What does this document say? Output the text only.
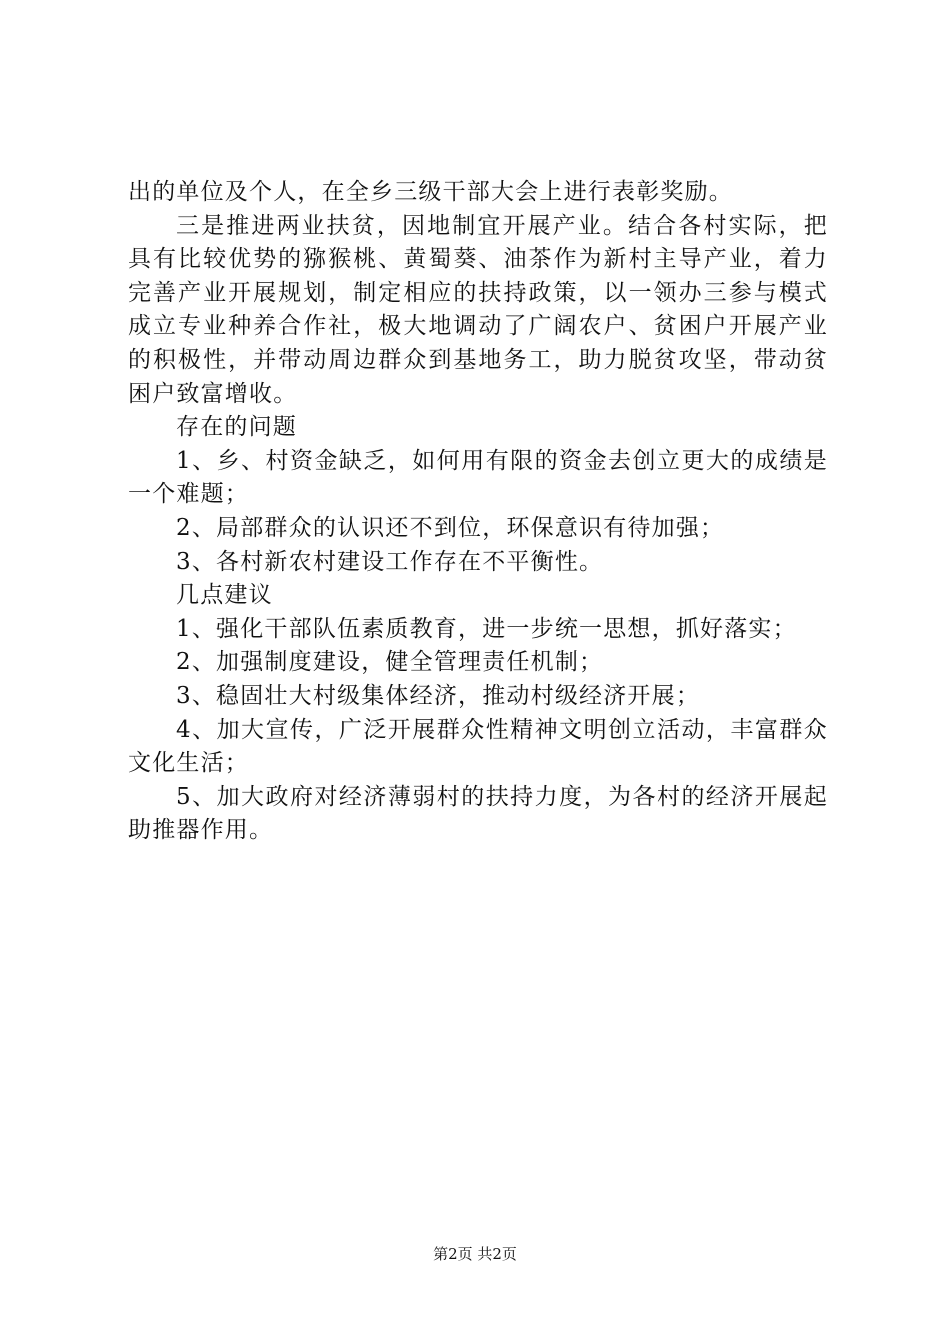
出的单位及个人，在全乡三级干部大会上进行表彰奖励。

三是推进两业扶贫，因地制宜开展产业。结合各村实际，把具有比较优势的猕猴桃、黄蜀葵、油茶作为新村主导产业，着力完善产业开展规划，制定相应的扶持政策，以一领办三参与模式成立专业种养合作社，极大地调动了广阔农户、贫困户开展产业的积极性，并带动周边群众到基地务工，助力脱贫攻坚，带动贫困户致富增收。

存在的问题

1、乡、村资金缺乏，如何用有限的资金去创立更大的成绩是一个难题；

2、局部群众的认识还不到位，环保意识有待加强；

3、各村新农村建设工作存在不平衡性。

几点建议

1、强化干部队伍素质教育，进一步统一思想，抓好落实；

2、加强制度建设，健全管理责任机制；

3、稳固壮大村级集体经济，推动村级经济开展；

4、加大宣传，广泛开展群众性精神文明创立活动，丰富群众文化生活；

5、加大政府对经济薄弱村的扶持力度，为各村的经济开展起助推器作用。

第2页 共2页
